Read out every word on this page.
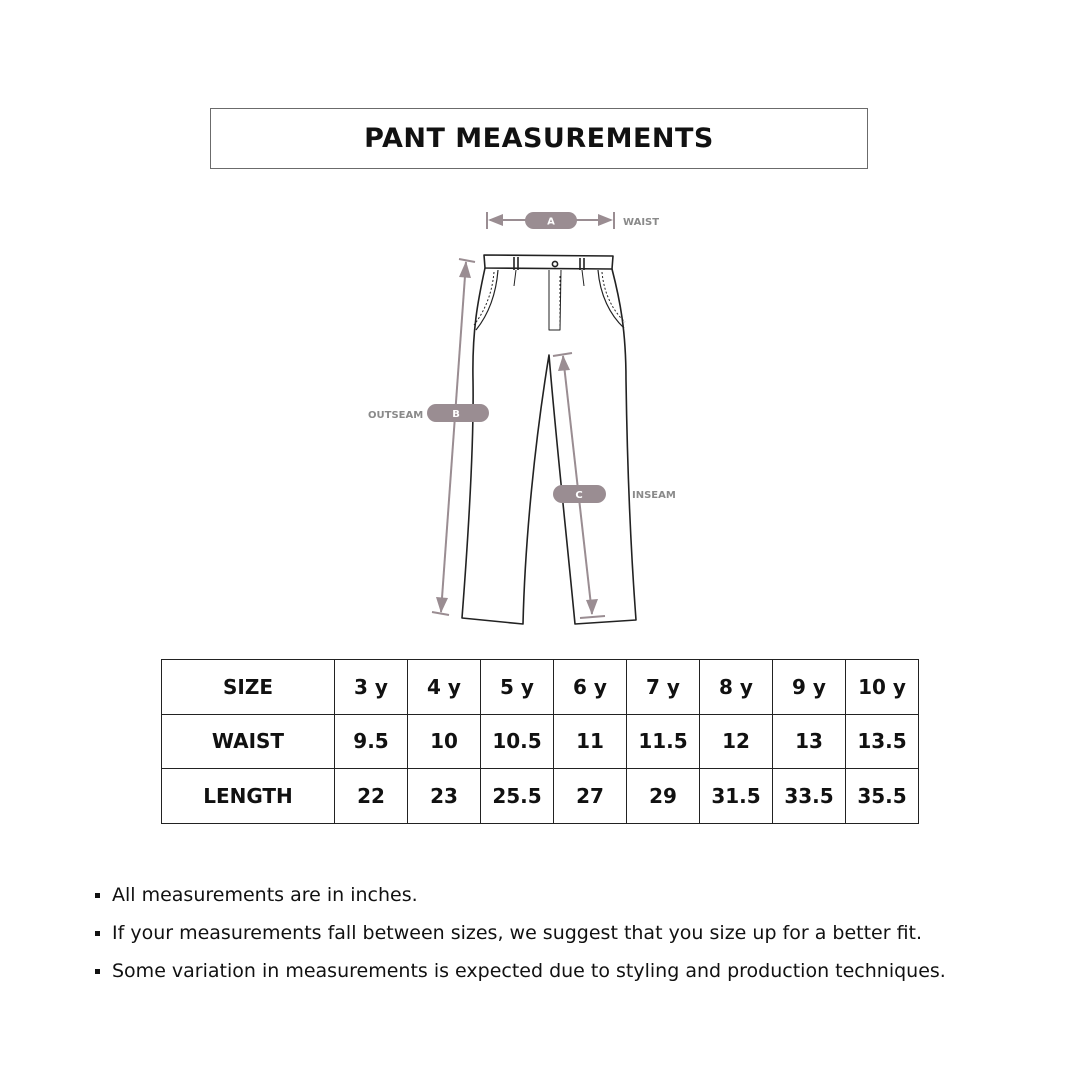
PANT MEASUREMENTS
A	WAIST
B
OUTSEAM
C	INSEAM
SIZE	3 y	4 y	5 y	6 y	7 y	8 y	9 y	10 y
WAIST	9.5	10	10.5	11	11.5	12	13	13.5
LENGTH	22	23	25.5	27	29	31.5	33.5	35.5
All measurements are in inches.
If your measurements fall between sizes, we suggest that you size up for a better fit.
Some variation in measurements is expected due to styling and production techniques.
